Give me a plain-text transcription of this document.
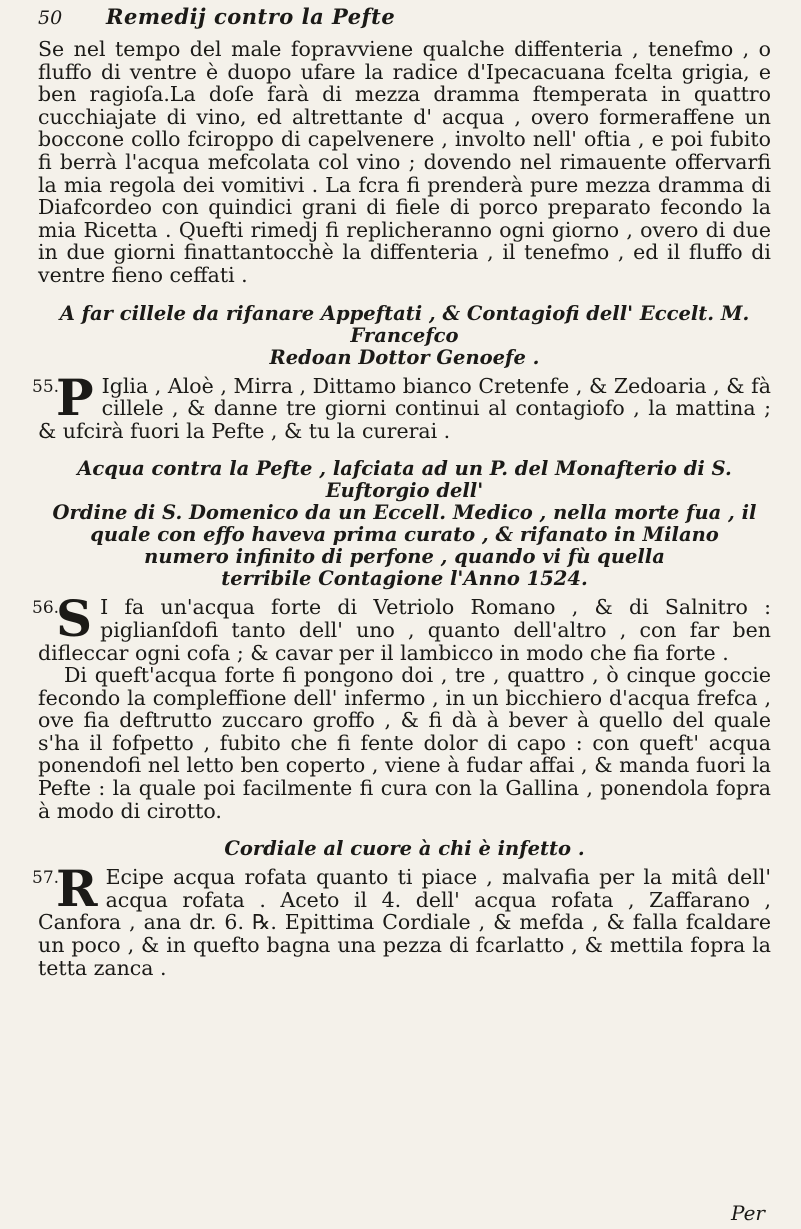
50	Remedij contro la Pefte

Se nel tempo del male fopravviene qualche diffenteria , tenefmo , o fluffo di ventre è duopo ufare la radice d'Ipecacuana fcelta grigia, e ben ragioſa.La doſe farà di mezza dramma ftemperata in quattro cucchiajate di vino, ed altrettante d' acqua , overo formeraffene un boccone collo fciroppo di capelvenere , involto nell' oftia , e poi fubito fi berrà l'acqua mefcolata col vino ; dovendo nel rimauente offervarfi la mia regola dei vomitivi . La fcra fi prenderà pure mezza dramma di Diafcordeo con quindici grani di fiele di porco preparato fecondo la mia Ricetta . Quefti rimedj fi replicheranno ogni giorno , overo di due in due giorni finattantocchè la diffenteria , il tenefmo , ed il fluffo di ventre fieno ceffati .

A far cillele da rifanare Appeftati , & Contagiofi dell' Eccelt. M. Francefco
Redoan Dottor Genoefe .
55.
P Iglia , Aloè , Mirra , Dittamo bianco Cretenfe , & Zedoaria , & fà cillele , & danne tre giorni continui al contagiofo , la mattina ; & ufcirà fuori la Pefte , & tu la curerai .

Acqua contra la Pefte , lafciata ad un P. del Monafterio di S. Euftorgio dell'
Ordine di S. Domenico da un Eccell. Medico , nella morte fua , il
quale con effo haveva prima curato , & rifanato in Milano
numero infinito di perfone , quando vi fù quella
terribile Contagione l'Anno 1524.
56.
S I fa un'acqua forte di Vetriolo Romano , & di Salnitro : piglianſdofi tanto dell' uno , quanto dell'altro , con far ben difleccar ogni cofa ; & cavar per il lambicco in modo che fia forte .

Di queft'acqua forte fi pongono doi , tre , quattro , ò cinque goccie fecondo la compleffione dell' infermo , in un bicchiero d'acqua frefca , ove fia deftrutto zuccaro groffo , & fi dà à bever à quello del quale s'ha il fofpetto , fubito che fi fente dolor di capo : con queft' acqua ponendofi nel letto ben coperto , viene à fudar affai , & manda fuori la Pefte : la quale poi facilmente fi cura con la Gallina , ponendola fopra à modo di cirotto.

Cordiale al cuore à chi è infetto .
57.
R Ecipe acqua rofata quanto ti piace , malvafia per la mitâ dell' acqua rofata . Aceto il 4. dell' acqua rofata , Zaffarano , Canfora , ana dr. 6. ℞. Epittima Cordiale , & mefda , & falla fcaldare un poco , & in quefto bagna una pezza di fcarlatto , & mettila fopra la tetta zanca .

Per
